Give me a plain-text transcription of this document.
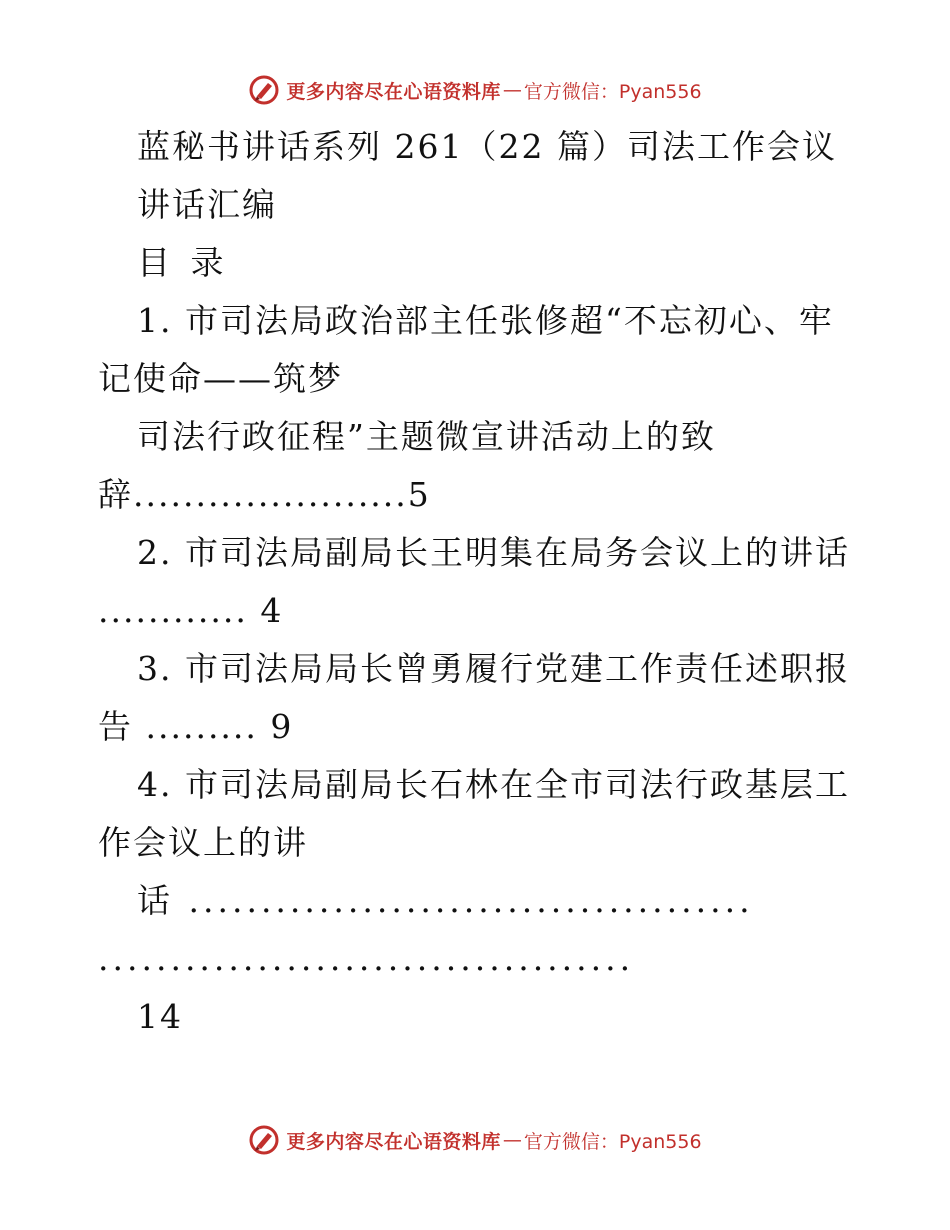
更多内容尽在心语资料库 — 官方微信：Pyan556
蓝秘书讲话系列 261（22 篇）司法工作会议
讲话汇编
目 录
1. 市司法局政治部主任张修超“不忘初心、牢
记使命——筑梦
司法行政征程”主题微宣讲活动上的致
辞......................5
2. 市司法局副局长王明集在局务会议上的讲话
............ 4
3. 市司法局局长曾勇履行党建工作责任述职报
告 ......... 9
4. 市司法局副局长石林在全市司法行政基层工
作会议上的讲
话 .......................................
.....................................
14
更多内容尽在心语资料库 — 官方微信：Pyan556
